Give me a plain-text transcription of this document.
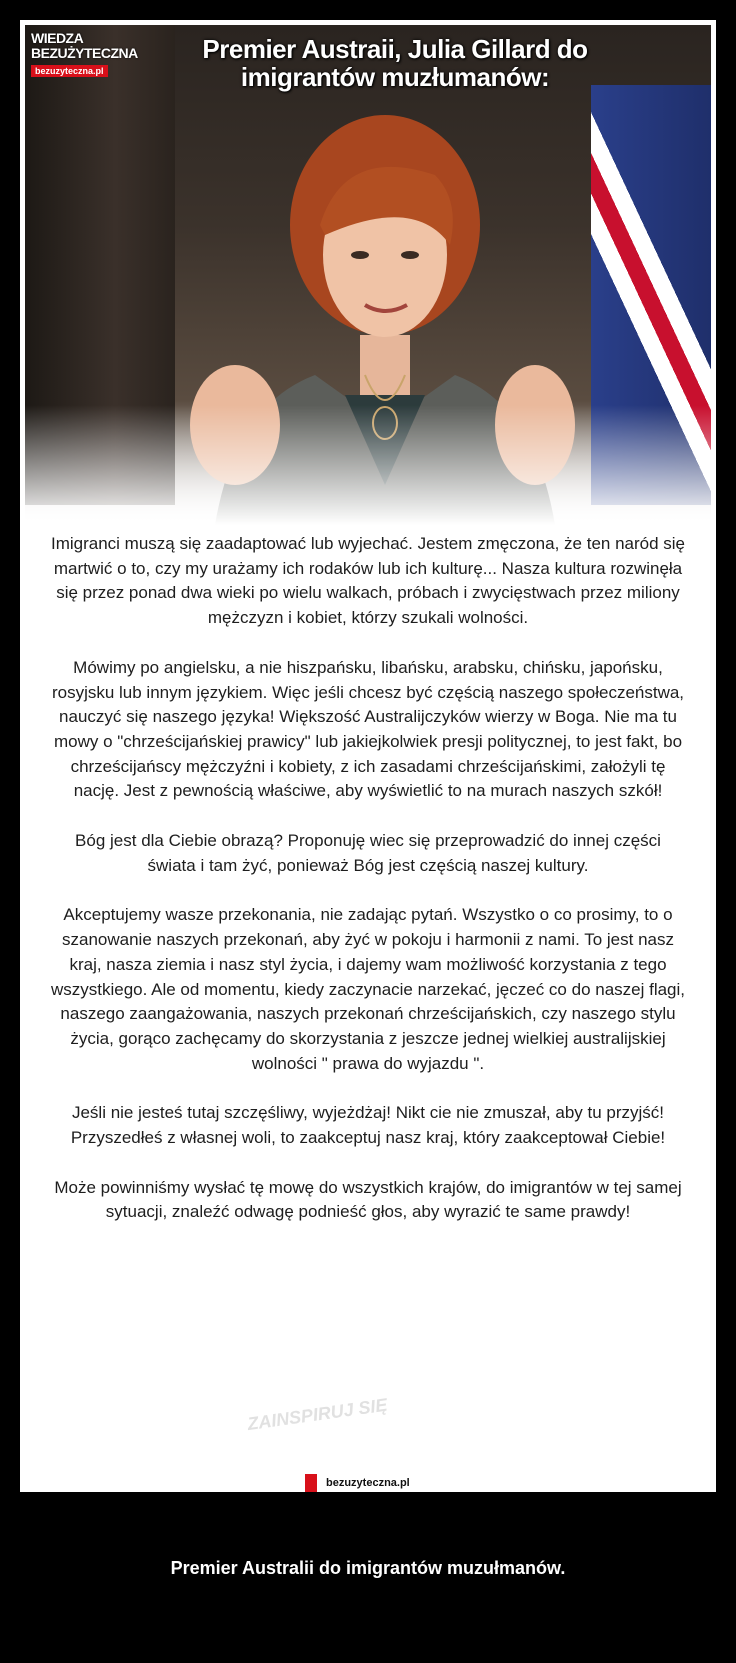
WIEDZA
BEZUŻYTECZNA
bezuzyteczna.pl
Premier Austraii, Julia Gillard do imigrantów muzłumanów:

Imigranci muszą się zaadaptować lub wyjechać. Jestem zmęczona, że ten naród się martwić o to, czy my urażamy ich rodaków lub ich kulturę... Nasza kultura rozwinęła się przez ponad dwa wieki po wielu walkach, próbach i zwycięstwach przez miliony mężczyzn i kobiet, którzy szukali wolności.

Mówimy po angielsku, a nie hiszpańsku, libańsku, arabsku, chińsku, japońsku, rosyjsku lub innym językiem. Więc jeśli chcesz być częścią naszego społeczeństwa, nauczyć się naszego języka! Większość Australijczyków wierzy w Boga. Nie ma tu mowy o "chrześcijańskiej prawicy" lub jakiejkolwiek presji politycznej, to jest fakt, bo chrześcijańscy mężczyźni i kobiety, z ich zasadami chrześcijańskimi, założyli tę nację. Jest z pewnością właściwe, aby wyświetlić to na murach naszych szkół!

Bóg jest dla Ciebie obrazą? Proponuję wiec się przeprowadzić do innej części świata i tam żyć, ponieważ Bóg jest częścią naszej kultury.

Akceptujemy wasze przekonania, nie zadając pytań. Wszystko o co prosimy, to o szanowanie naszych przekonań, aby żyć w pokoju i harmonii z nami. To jest nasz kraj, nasza ziemia i nasz styl życia, i dajemy wam możliwość korzystania z tego wszystkiego. Ale od momentu, kiedy zaczynacie narzekać, jęczeć co do naszej flagi, naszego zaangażowania, naszych przekonań chrześcijańskich, czy naszego stylu życia, gorąco zachęcamy do skorzystania z jeszcze jednej wielkiej australijskiej wolności " prawa do wyjazdu ".

Jeśli nie jesteś tutaj szczęśliwy, wyjeżdżaj! Nikt cie nie zmuszał, aby tu przyjść! Przyszedłeś z własnej woli, to zaakceptuj nasz kraj, który zaakceptował Ciebie!

Może powinniśmy wysłać tę mowę do wszystkich krajów, do imigrantów w tej samej sytuacji, znaleźć odwagę podnieść głos, aby wyrazić te same prawdy!

ZAINSPIRUJ SIĘ
bezuzyteczna.pl
Premier Australii do imigrantów muzułmanów.
